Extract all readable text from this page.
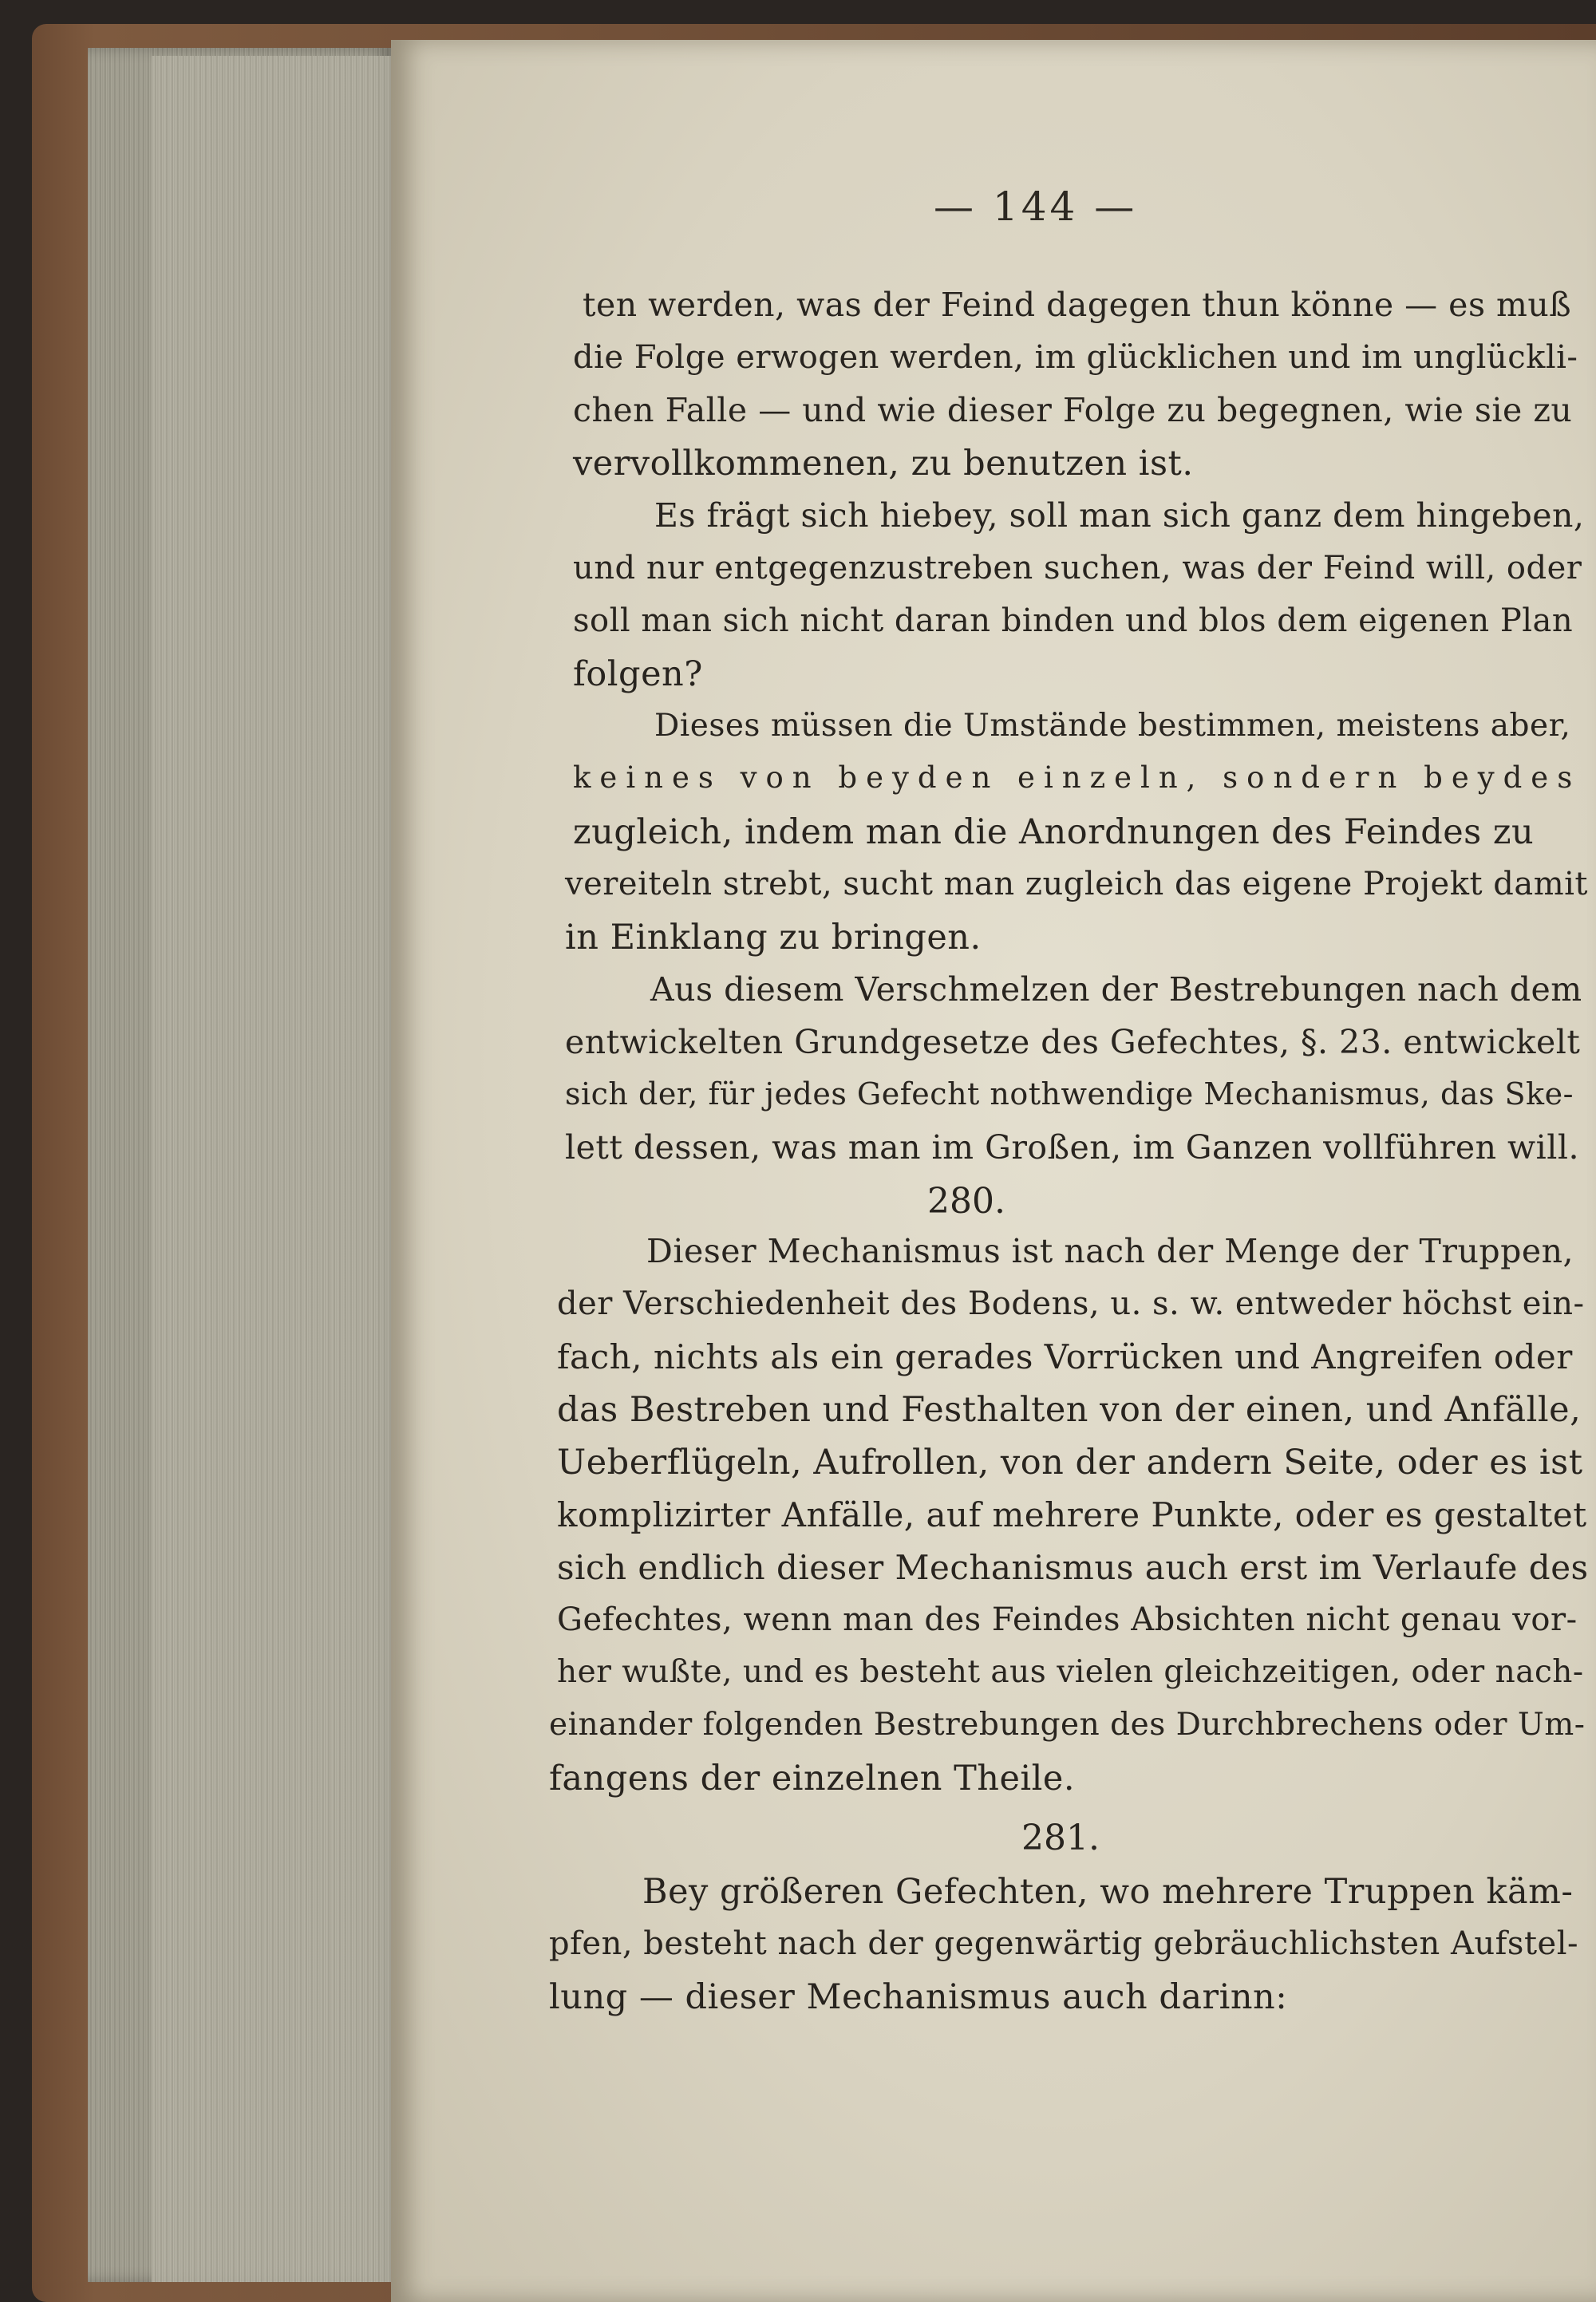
— 144 —
ten werden, was der Feind dagegen thun könne — es muß
die Folge erwogen werden, im glücklichen und im unglückli-
chen Falle — und wie dieser Folge zu begegnen, wie sie zu
vervollkommenen, zu benutzen ist.
Es frägt sich hiebey, soll man sich ganz dem hingeben,
und nur entgegenzustreben suchen, was der Feind will, oder
soll man sich nicht daran binden und blos dem eigenen Plan
folgen?
Dieses müssen die Umstände bestimmen, meistens aber,
keines von beyden einzeln, sondern beydes
zugleich, indem man die Anordnungen des Feindes zu
vereiteln strebt, sucht man zugleich das eigene Projekt damit
in Einklang zu bringen.
Aus diesem Verschmelzen der Bestrebungen nach dem
entwickelten Grundgesetze des Gefechtes, §. 23. entwickelt
sich der, für jedes Gefecht nothwendige Mechanismus, das Ske-
lett dessen, was man im Großen, im Ganzen vollführen will.
280.
Dieser Mechanismus ist nach der Menge der Truppen,
der Verschiedenheit des Bodens, u. s. w. entweder höchst ein-
fach, nichts als ein gerades Vorrücken und Angreifen oder
das Bestreben und Festhalten von der einen, und Anfälle,
Ueberflügeln, Aufrollen, von der andern Seite, oder es ist
komplizirter Anfälle, auf mehrere Punkte, oder es gestaltet
sich endlich dieser Mechanismus auch erst im Verlaufe des
Gefechtes, wenn man des Feindes Absichten nicht genau vor-
her wußte, und es besteht aus vielen gleichzeitigen, oder nach-
einander folgenden Bestrebungen des Durchbrechens oder Um-
fangens der einzelnen Theile.
281.
Bey größeren Gefechten, wo mehrere Truppen käm-
pfen, besteht nach der gegenwärtig gebräuchlichsten Aufstel-
lung — dieser Mechanismus auch darinn:
